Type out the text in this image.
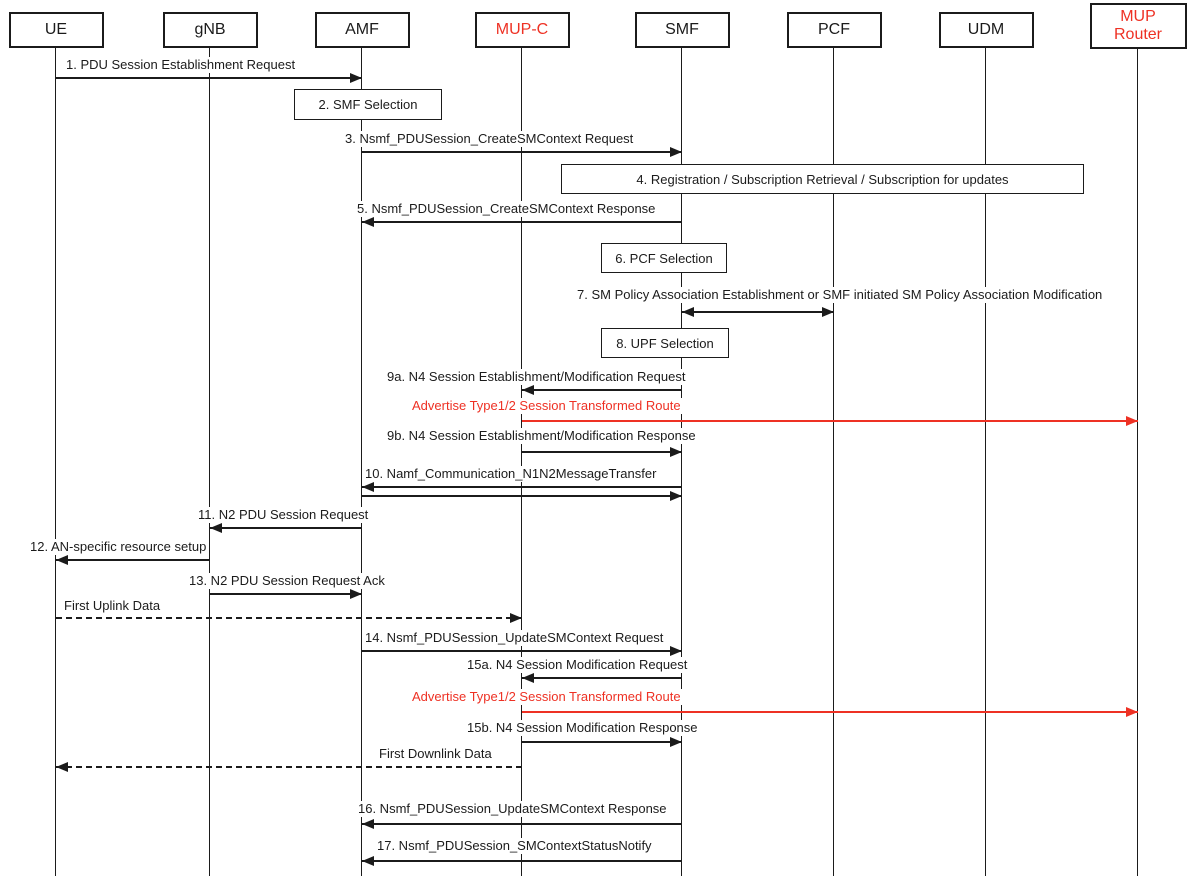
UE	gNB	AMF	MUP-C	SMF	PCF	UDM
MUP
Router
2. SMF Selection
4. Registration / Subscription Retrieval / Subscription for updates
6. PCF Selection
8. UPF Selection
1. PDU Session Establishment Request
3. Nsmf_PDUSession_CreateSMContext Request
5. Nsmf_PDUSession_CreateSMContext Response
7. SM Policy Association Establishment or SMF initiated SM Policy Association Modification
9a. N4 Session Establishment/Modification Request
Advertise Type1/2 Session Transformed Route
9b. N4 Session Establishment/Modification Response
10. Namf_Communication_N1N2MessageTransfer
11. N2 PDU Session Request
12. AN-specific resource setup
13. N2 PDU Session Request Ack
First Uplink Data
14. Nsmf_PDUSession_UpdateSMContext Request
15a. N4 Session Modification Request
Advertise Type1/2 Session Transformed Route
15b. N4 Session Modification Response
First Downlink Data
16. Nsmf_PDUSession_UpdateSMContext Response
17. Nsmf_PDUSession_SMContextStatusNotify
